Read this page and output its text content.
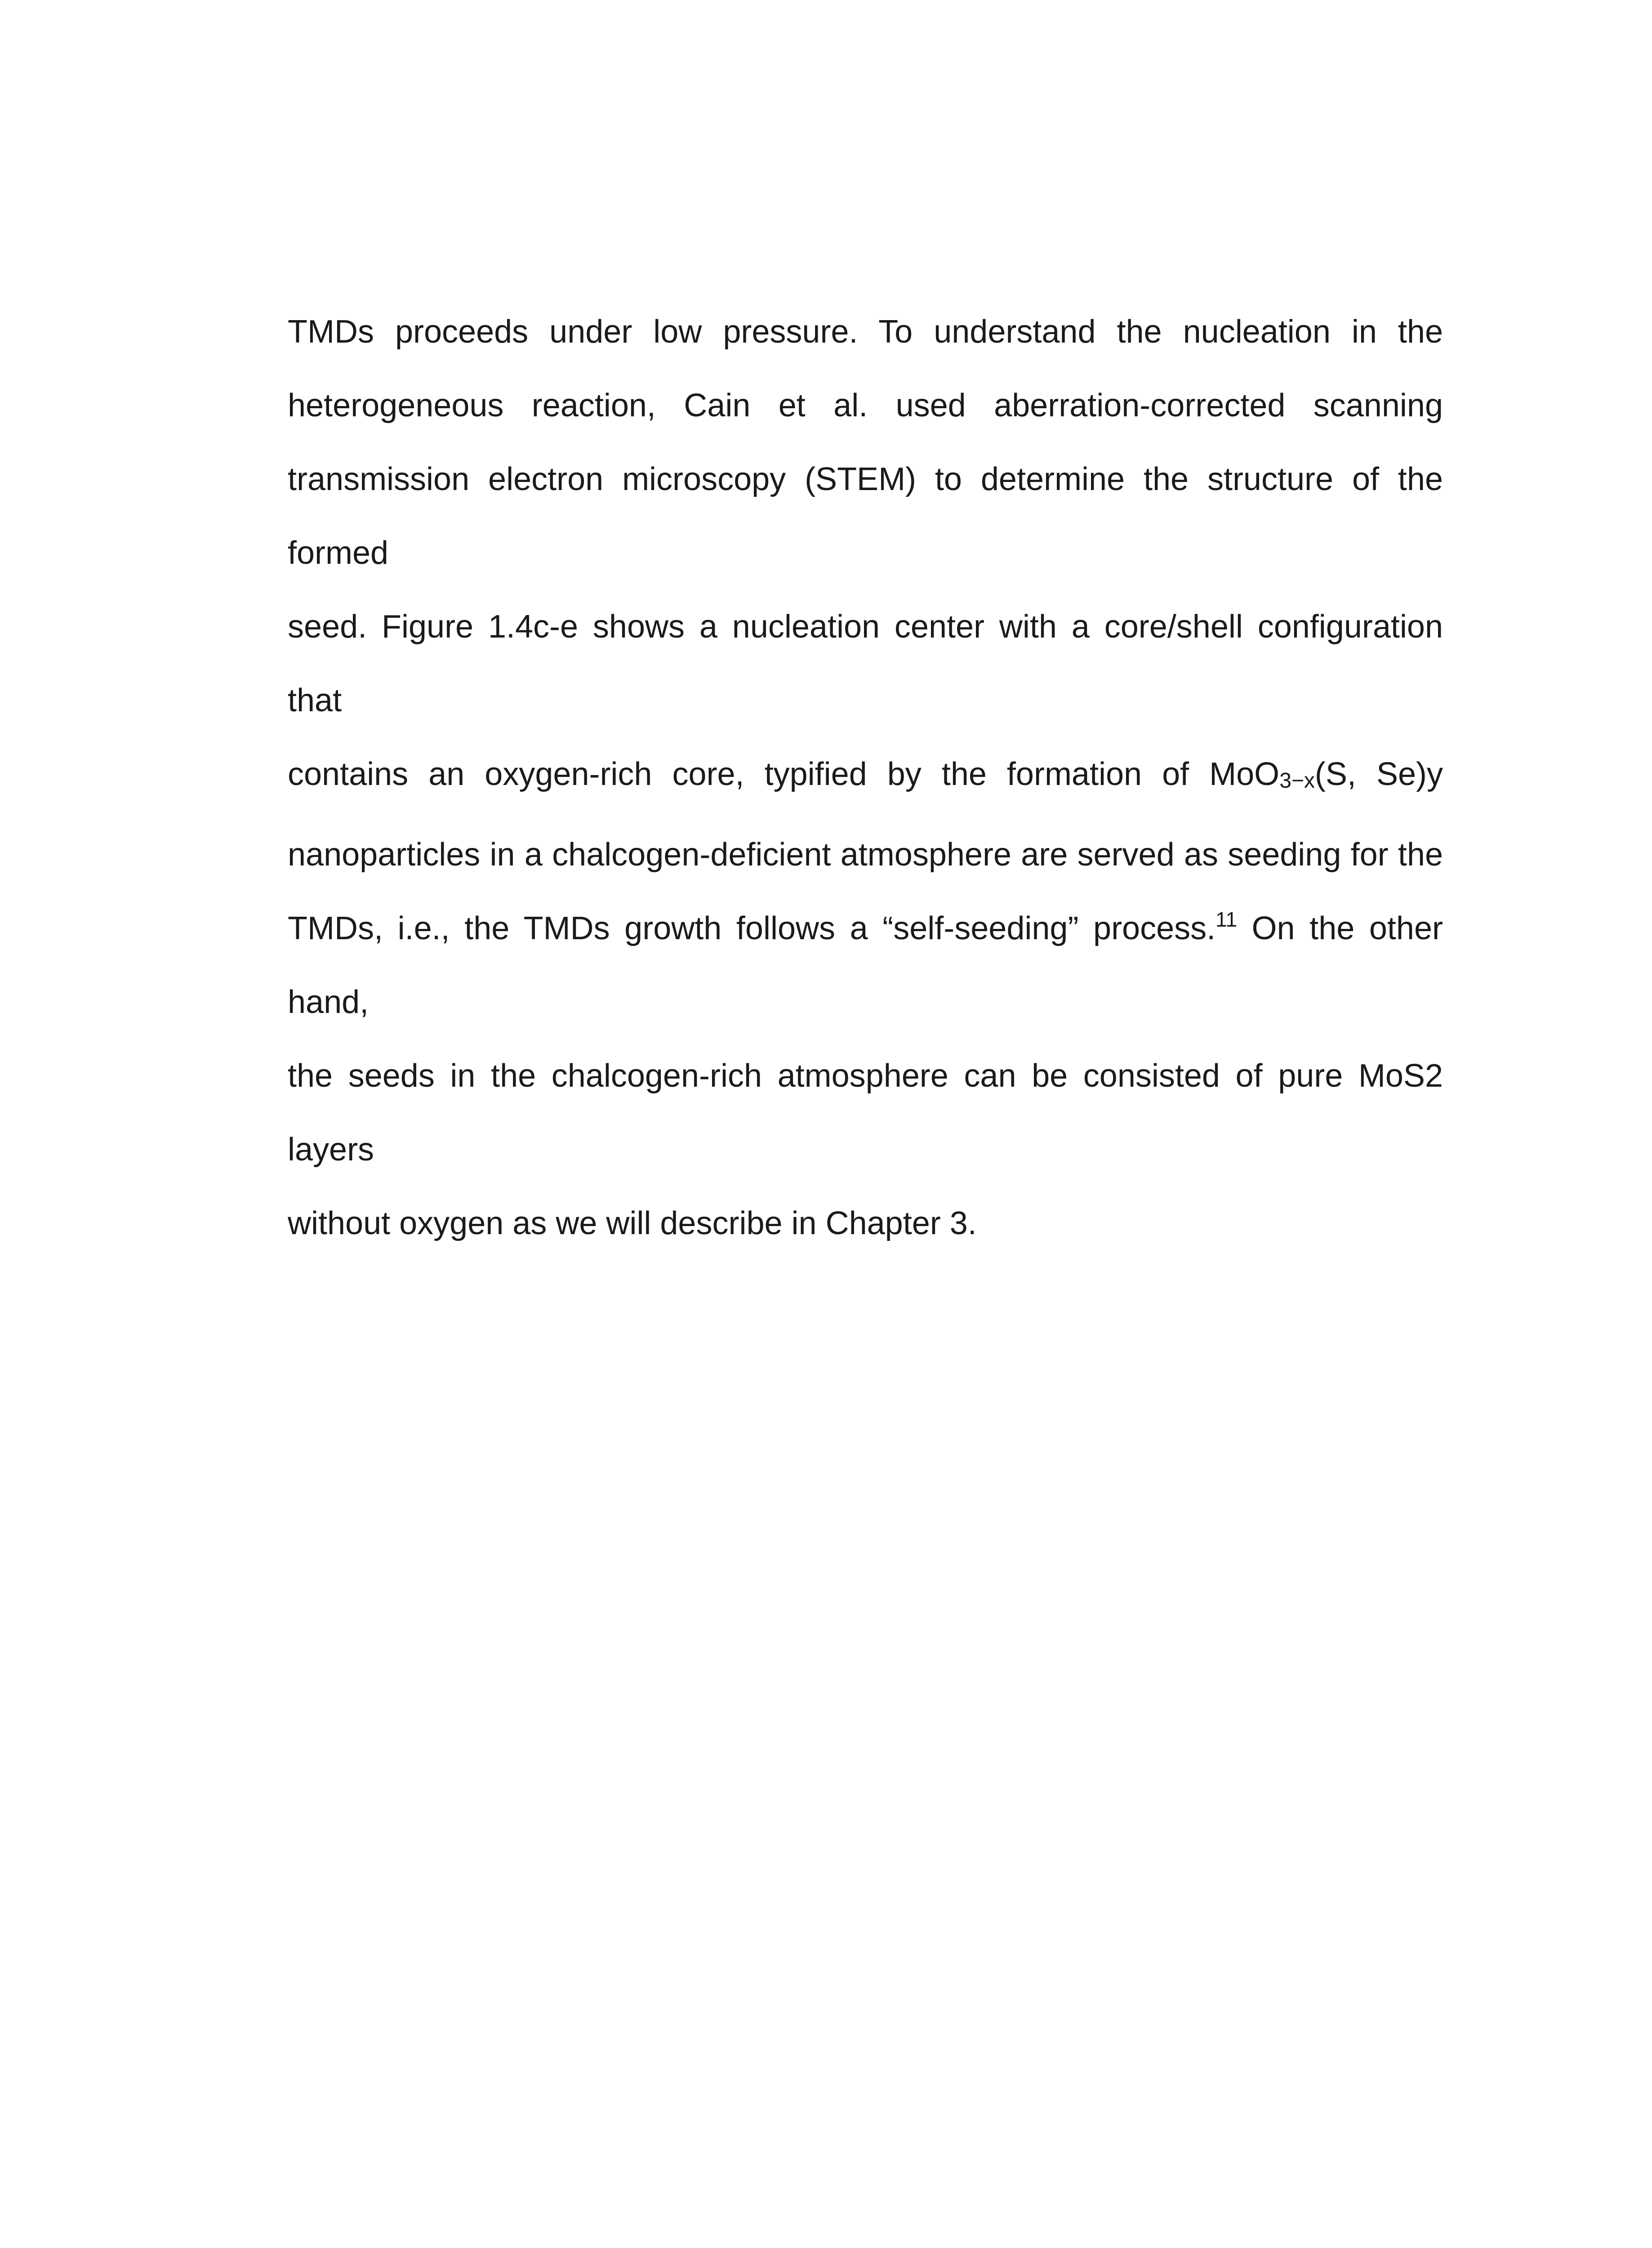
TMDs proceeds under low pressure. To understand the nucleation in the
heterogeneous reaction, Cain et al. used aberration-corrected scanning
transmission electron microscopy (STEM) to determine the structure of the formed
seed. Figure 1.4c-e shows a nucleation center with a core/shell configuration that
contains an oxygen-rich core, typified by the formation of MoO3−x(S, Se)y
nanoparticles in a chalcogen-deficient atmosphere are served as seeding for the
TMDs, i.e., the TMDs growth follows a “self-seeding” process.$^{11}$ On the other hand,
the seeds in the chalcogen-rich atmosphere can be consisted of pure MoS2 layers
without oxygen as we will describe in Chapter 3.
